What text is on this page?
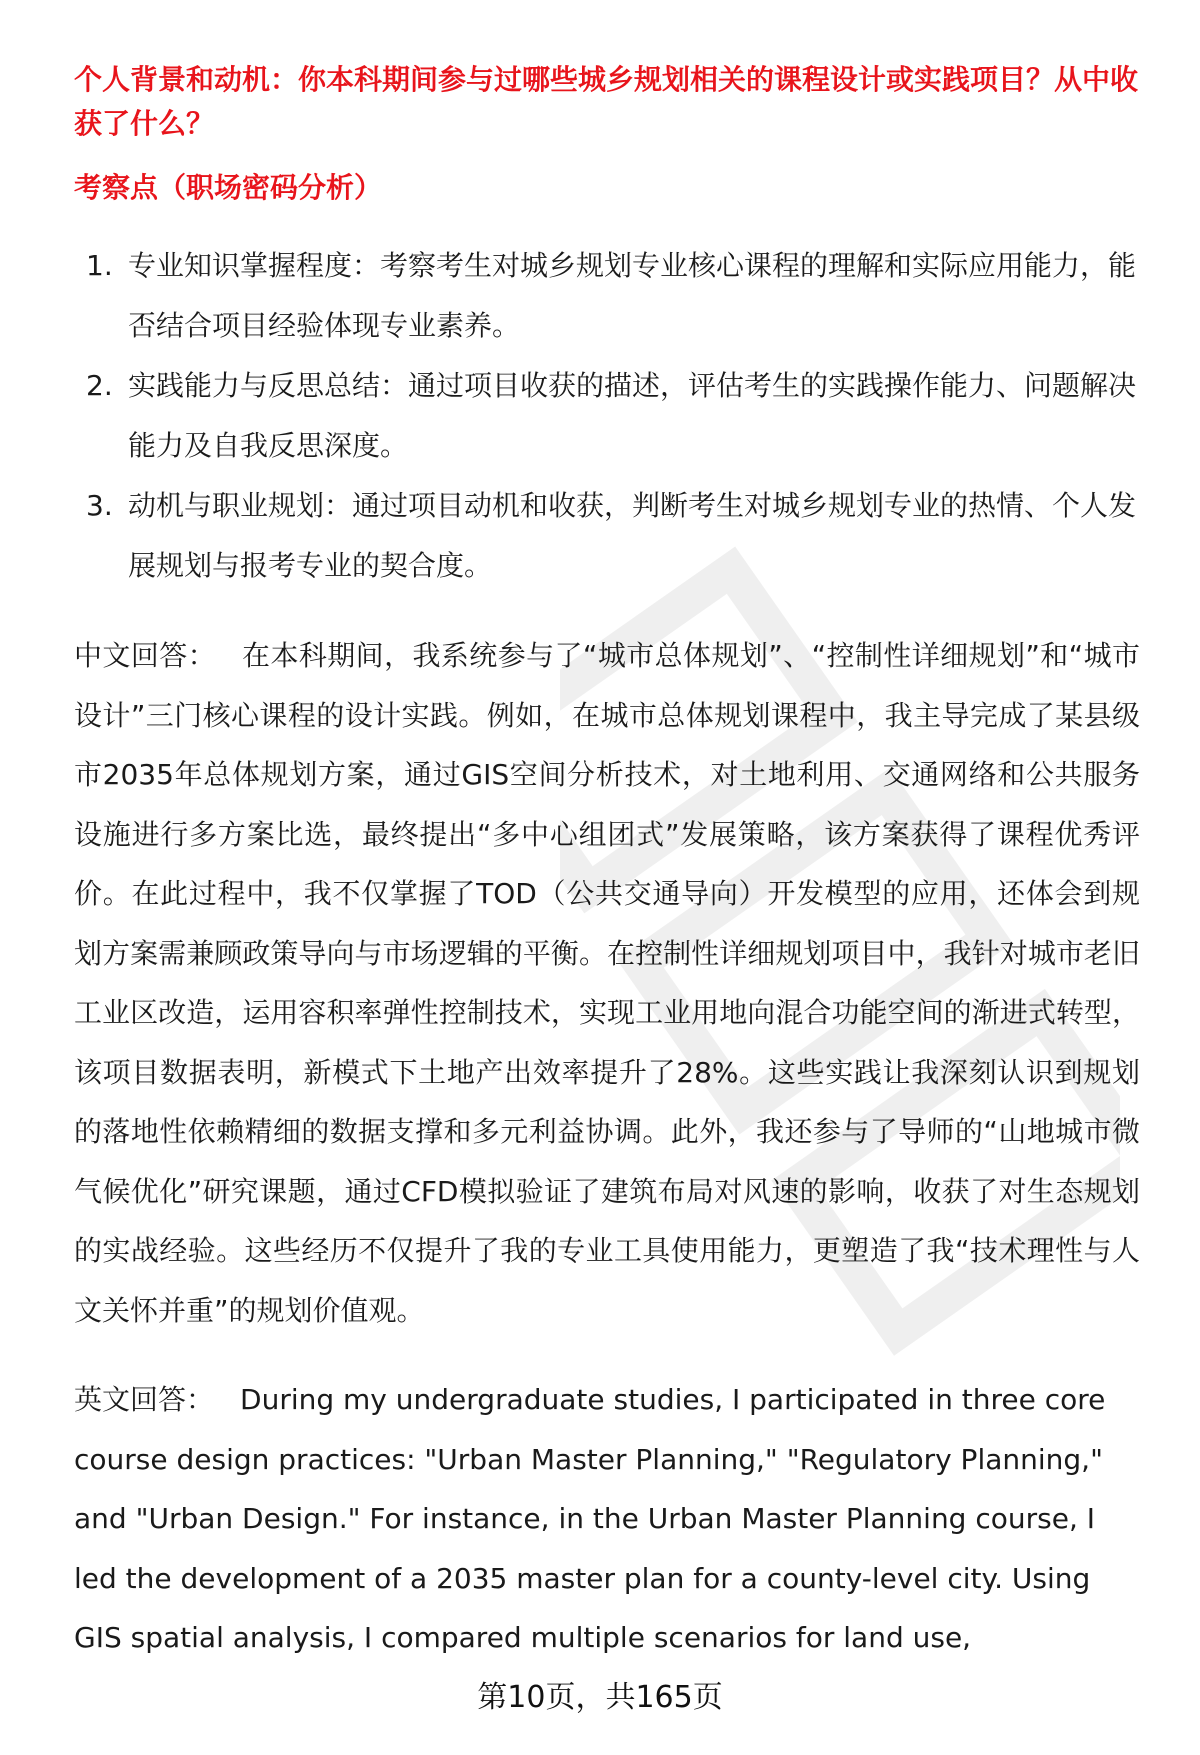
个人背景和动机：你本科期间参与过哪些城乡规划相关的课程设计或实践项目？从中收获了什么？

考察点（职场密码分析）

1. 专业知识掌握程度：考察考生对城乡规划专业核心课程的理解和实际应用能力，能否结合项目经验体现专业素养。
2. 实践能力与反思总结：通过项目收获的描述，评估考生的实践操作能力、问题解决能力及自我反思深度。
3. 动机与职业规划：通过项目动机和收获，判断考生对城乡规划专业的热情、个人发展规划与报考专业的契合度。

中文回答： 在本科期间，我系统参与了“城市总体规划”、“控制性详细规划”和“城市设计”三门核心课程的设计实践。例如，在城市总体规划课程中，我主导完成了某县级市2035年总体规划方案，通过GIS空间分析技术，对土地利用、交通网络和公共服务设施进行多方案比选，最终提出“多中心组团式”发展策略，该方案获得了课程优秀评价。在此过程中，我不仅掌握了TOD（公共交通导向）开发模型的应用，还体会到规划方案需兼顾政策导向与市场逻辑的平衡。在控制性详细规划项目中，我针对城市老旧工业区改造，运用容积率弹性控制技术，实现工业用地向混合功能空间的渐进式转型，该项目数据表明，新模式下土地产出效率提升了28%。这些实践让我深刻认识到规划的落地性依赖精细的数据支撑和多元利益协调。此外，我还参与了导师的“山地城市微气候优化”研究课题，通过CFD模拟验证了建筑布局对风速的影响，收获了对生态规划的实战经验。这些经历不仅提升了我的专业工具使用能力，更塑造了我“技术理性与人文关怀并重”的规划价值观。

英文回答： During my undergraduate studies, I participated in three core course design practices: "Urban Master Planning," "Regulatory Planning," and "Urban Design." For instance, in the Urban Master Planning course, I led the development of a 2035 master plan for a county-level city. Using GIS spatial analysis, I compared multiple scenarios for land use,

第10页，共165页
